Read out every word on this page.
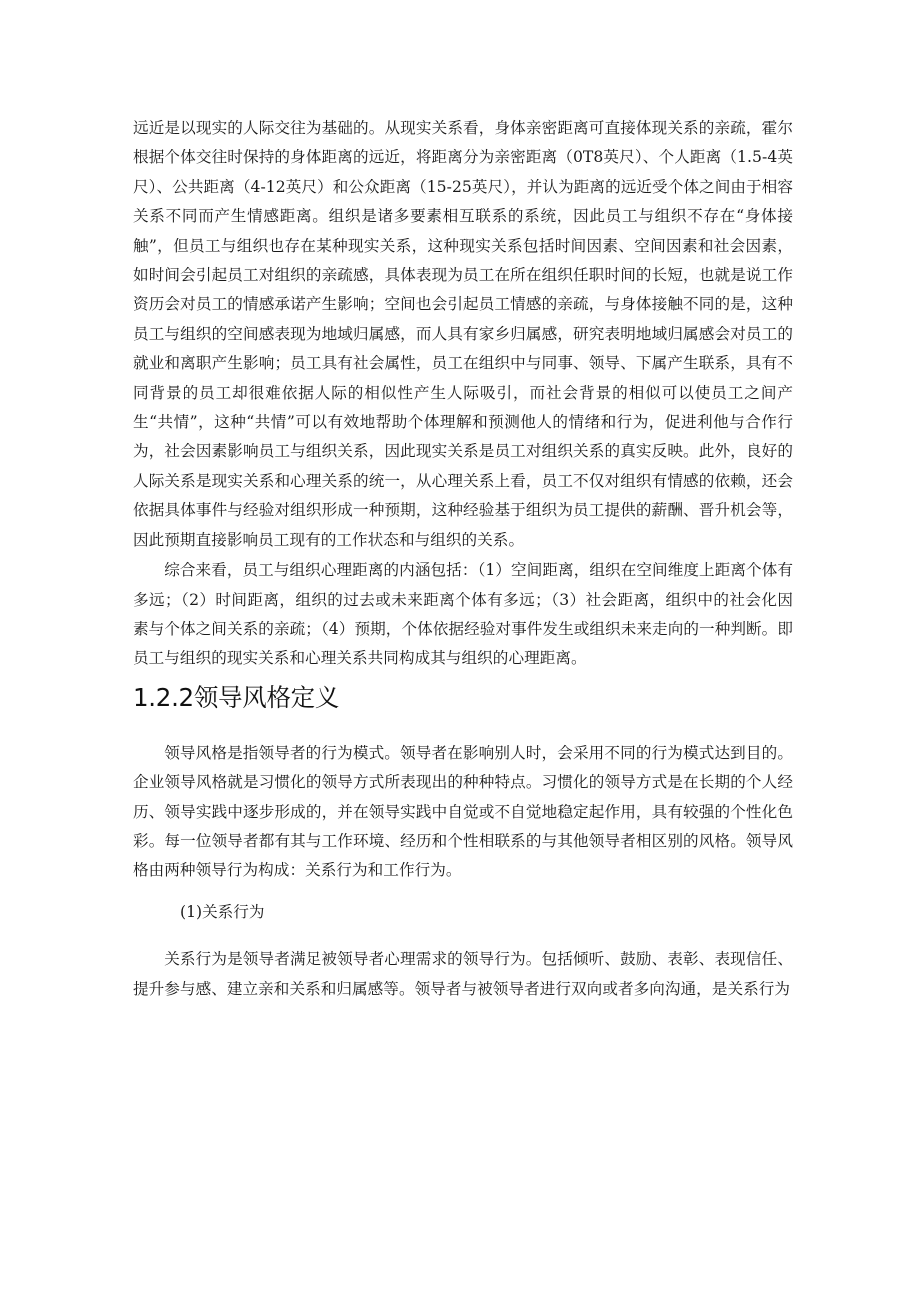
远近是以现实的人际交往为基础的。从现实关系看，身体亲密距离可直接体现关系的亲疏，霍尔根据个体交往时保持的身体距离的远近，将距离分为亲密距离（0T8英尺）、个人距离（1.5-4英尺）、公共距离（4-12英尺）和公众距离（15-25英尺），并认为距离的远近受个体之间由于相容关系不同而产生情感距离。组织是诸多要素相互联系的系统，因此员工与组织不存在“身体接触”，但员工与组织也存在某种现实关系，这种现实关系包括时间因素、空间因素和社会因素，如时间会引起员工对组织的亲疏感，具体表现为员工在所在组织任职时间的长短，也就是说工作资历会对员工的情感承诺产生影响；空间也会引起员工情感的亲疏，与身体接触不同的是，这种员工与组织的空间感表现为地域归属感，而人具有家乡归属感，研究表明地域归属感会对员工的就业和离职产生影响；员工具有社会属性，员工在组织中与同事、领导、下属产生联系，具有不同背景的员工却很难依据人际的相似性产生人际吸引，而社会背景的相似可以使员工之间产生“共情”，这种“共情”可以有效地帮助个体理解和预测他人的情绪和行为，促进利他与合作行为，社会因素影响员工与组织关系，因此现实关系是员工对组织关系的真实反映。此外，良好的人际关系是现实关系和心理关系的统一，从心理关系上看，员工不仅对组织有情感的依赖，还会依据具体事件与经验对组织形成一种预期，这种经验基于组织为员工提供的薪酬、晋升机会等，因此预期直接影响员工现有的工作状态和与组织的关系。

综合来看，员工与组织心理距离的内涵包括：（1）空间距离，组织在空间维度上距离个体有多远；（2）时间距离，组织的过去或未来距离个体有多远；（3）社会距离，组织中的社会化因素与个体之间关系的亲疏；（4）预期，个体依据经验对事件发生或组织未来走向的一种判断。即员工与组织的现实关系和心理关系共同构成其与组织的心理距离。

1.2.2领导风格定义

领导风格是指领导者的行为模式。领导者在影响别人时，会采用不同的行为模式达到目的。企业领导风格就是习惯化的领导方式所表现出的种种特点。习惯化的领导方式是在长期的个人经历、领导实践中逐步形成的，并在领导实践中自觉或不自觉地稳定起作用，具有较强的个性化色彩。每一位领导者都有其与工作环境、经历和个性相联系的与其他领导者相区别的风格。领导风格由两种领导行为构成：关系行为和工作行为。

(1)关系行为

关系行为是领导者满足被领导者心理需求的领导行为。包括倾听、鼓励、表彰、表现信任、提升参与感、建立亲和关系和归属感等。领导者与被领导者进行双向或者多向沟通，是关系行为
